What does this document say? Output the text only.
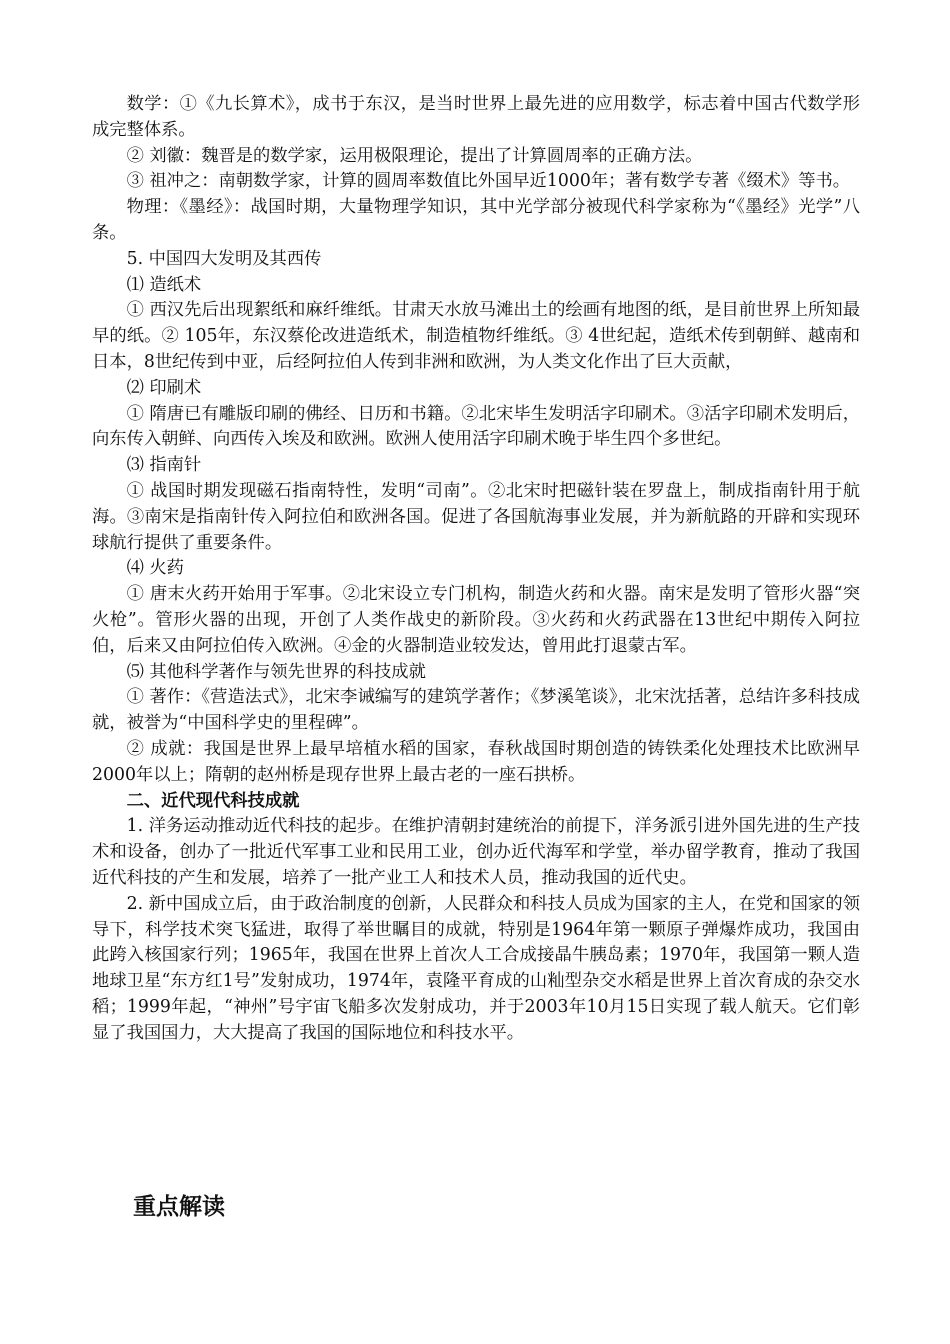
数学：①《九长算术》，成书于东汉，是当时世界上最先进的应用数学，标志着中国古代数学形成完整体系。

② 刘徽：魏晋是的数学家，运用极限理论，提出了计算圆周率的正确方法。

③ 祖冲之：南朝数学家，计算的圆周率数值比外国早近1000年；著有数学专著《缀术》等书。

物理：《墨经》：战国时期，大量物理学知识，其中光学部分被现代科学家称为“《墨经》光学”八条。

5. 中国四大发明及其西传

⑴ 造纸术

① 西汉先后出现絮纸和麻纤维纸。甘肃天水放马滩出土的绘画有地图的纸，是目前世界上所知最早的纸。② 105年，东汉蔡伦改进造纸术，制造植物纤维纸。③ 4世纪起，造纸术传到朝鲜、越南和日本，8世纪传到中亚，后经阿拉伯人传到非洲和欧洲，为人类文化作出了巨大贡献，

⑵ 印刷术

① 隋唐已有雕版印刷的佛经、日历和书籍。②北宋毕生发明活字印刷术。③活字印刷术发明后，向东传入朝鲜、向西传入埃及和欧洲。欧洲人使用活字印刷术晚于毕生四个多世纪。

⑶ 指南针

① 战国时期发现磁石指南特性，发明“司南”。②北宋时把磁针装在罗盘上，制成指南针用于航海。③南宋是指南针传入阿拉伯和欧洲各国。促进了各国航海事业发展，并为新航路的开辟和实现环球航行提供了重要条件。

⑷ 火药

① 唐末火药开始用于军事。②北宋设立专门机构，制造火药和火器。南宋是发明了管形火器“突火枪”。管形火器的出现，开创了人类作战史的新阶段。③火药和火药武器在13世纪中期传入阿拉伯，后来又由阿拉伯传入欧洲。④金的火器制造业较发达，曾用此打退蒙古军。

⑸ 其他科学著作与领先世界的科技成就

① 著作：《营造法式》，北宋李诫编写的建筑学著作；《梦溪笔谈》，北宋沈括著，总结许多科技成就，被誉为“中国科学史的里程碑”。

② 成就：我国是世界上最早培植水稻的国家，春秋战国时期创造的铸铁柔化处理技术比欧洲早2000年以上；隋朝的赵州桥是现存世界上最古老的一座石拱桥。

二、近代现代科技成就

1. 洋务运动推动近代科技的起步。在维护清朝封建统治的前提下，洋务派引进外国先进的生产技术和设备，创办了一批近代军事工业和民用工业，创办近代海军和学堂，举办留学教育，推动了我国近代科技的产生和发展，培养了一批产业工人和技术人员，推动我国的近代史。

2. 新中国成立后，由于政治制度的创新，人民群众和科技人员成为国家的主人，在党和国家的领导下，科学技术突飞猛进，取得了举世瞩目的成就，特别是1964年第一颗原子弹爆炸成功，我国由此跨入核国家行列；1965年，我国在世界上首次人工合成接晶牛胰岛素；1970年，我国第一颗人造地球卫星“东方红1号”发射成功，1974年，袁隆平育成的山籼型杂交水稻是世界上首次育成的杂交水稻；1999年起，“神州”号宇宙飞船多次发射成功，并于2003年10月15日实现了载人航天。它们彰显了我国国力，大大提高了我国的国际地位和科技水平。

重点解读
